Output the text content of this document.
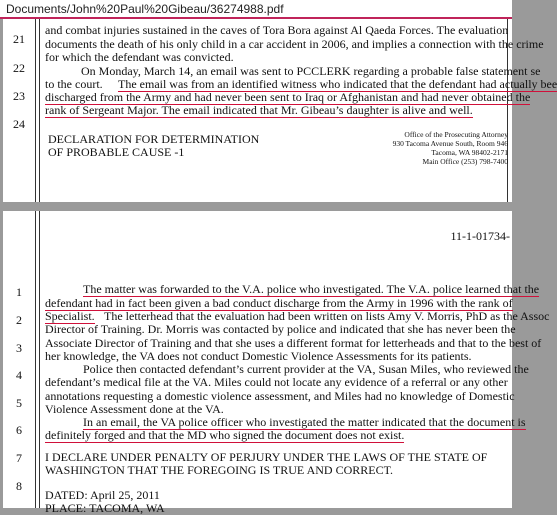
Documents/John%20Paul%20Gibeau/36274988.pdf
21
22
23
24
and combat injuries sustained in the caves of Tora Bora against Al Qaeda Forces. The evaluation
documents the death of his only child in a car accident in 2006, and implies a connection with the crime
for which the defendant was convicted.
On Monday, March 14, an email was sent to PCCLERK regarding a probable false statement se
to the court. The email was from an identified witness who indicated that the defendant had actually bee
discharged from the Army and had never been sent to Iraq or Afghanistan and had never obtained the
rank of Sergeant Major. The email indicated that Mr. Gibeau’s daughter is alive and well.
DECLARATION FOR DETERMINATION
OF PROBABLE CAUSE -1
Office of the Prosecuting Attorney
930 Tacoma Avenue South, Room 946
Tacoma, WA 98402-2171
Main Office (253) 798-7400
11-1-01734-
1
2
3
4
5
6
7
8
The matter was forwarded to the V.A. police who investigated. The V.A. police learned that the
defendant had in fact been given a bad conduct discharge from the Army in 1996 with the rank of
Specialist. The letterhead that the evaluation had been written on lists Amy V. Morris, PhD as the Assoc
Director of Training. Dr. Morris was contacted by police and indicated that she has never been the
Associate Director of Training and that she uses a different format for letterheads and that to the best of
her knowledge, the VA does not conduct Domestic Violence Assessments for its patients.
Police then contacted defendant’s current provider at the VA, Susan Miles, who reviewed the
defendant’s medical file at the VA. Miles could not locate any evidence of a referral or any other
annotations requesting a domestic violence assessment, and Miles had no knowledge of Domestic
Violence Assessment done at the VA.
In an email, the VA police officer who investigated the matter indicated that the document is
definitely forged and that the MD who signed the document does not exist.
I DECLARE UNDER PENALTY OF PERJURY UNDER THE LAWS OF THE STATE OF
WASHINGTON THAT THE FOREGOING IS TRUE AND CORRECT.
DATED: April 25, 2011
PLACE: TACOMA, WA
